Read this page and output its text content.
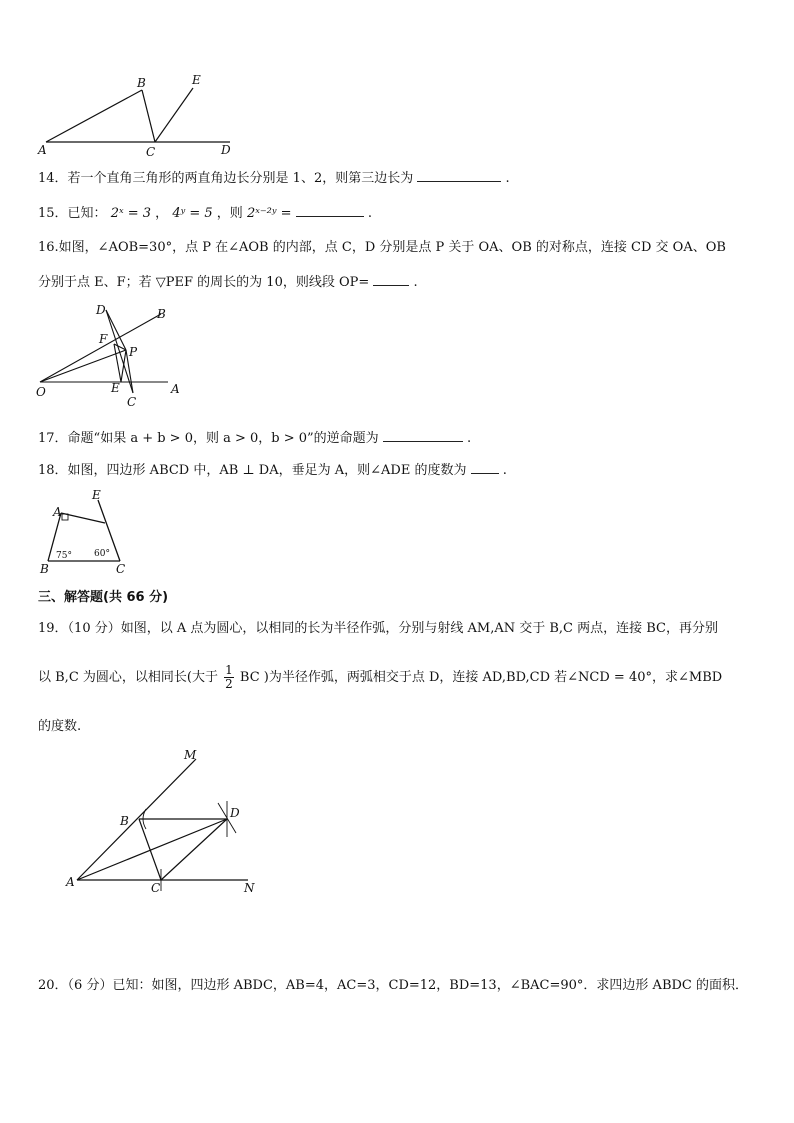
A
B
C	D
E
14．若一个直角三角形的两直角边长分别是 1、2，则第三边长为	.
15．已知： 2ˣ = 3 ， 4ʸ = 5 ，则 2ˣ⁻²ʸ =	.
16.如图，∠AOB=30°，点 P 在∠AOB 的内部，点 C，D 分别是点 P 关于 OA、OB 的对称点，连接 CD 交 OA、OB
分别于点 E、F；若 ▽PEF 的周长的为 10，则线段 OP=	.
O	A
B
C
D
E
F
P
17．命题“如果 a + b > 0，则 a > 0，b > 0”的逆命题为	.
18．如图，四边形 ABCD 中，AB ⊥ DA，垂足为 A，则∠ADE 的度数为	.
A
B	C
E
75° 60°
三、解答题(共 66 分)
19．（10 分）如图，以 A 点为圆心，以相同的长为半径作弧，分别与射线 AM,AN 交于 B,C 两点，连接 BC，再分别
以 B,C 为圆心，以相同长(大于 $\frac{1}{2}$ BC )为半径作弧，两弧相交于点 D，连接 AD,BD,CD 若∠NCD = 40°，求∠MBD
的度数.
A
B
C
D
M
N
20．（6 分）已知：如图，四边形 ABDC，AB=4，AC=3，CD=12，BD=13，∠BAC=90°．求四边形 ABDC 的面积．
